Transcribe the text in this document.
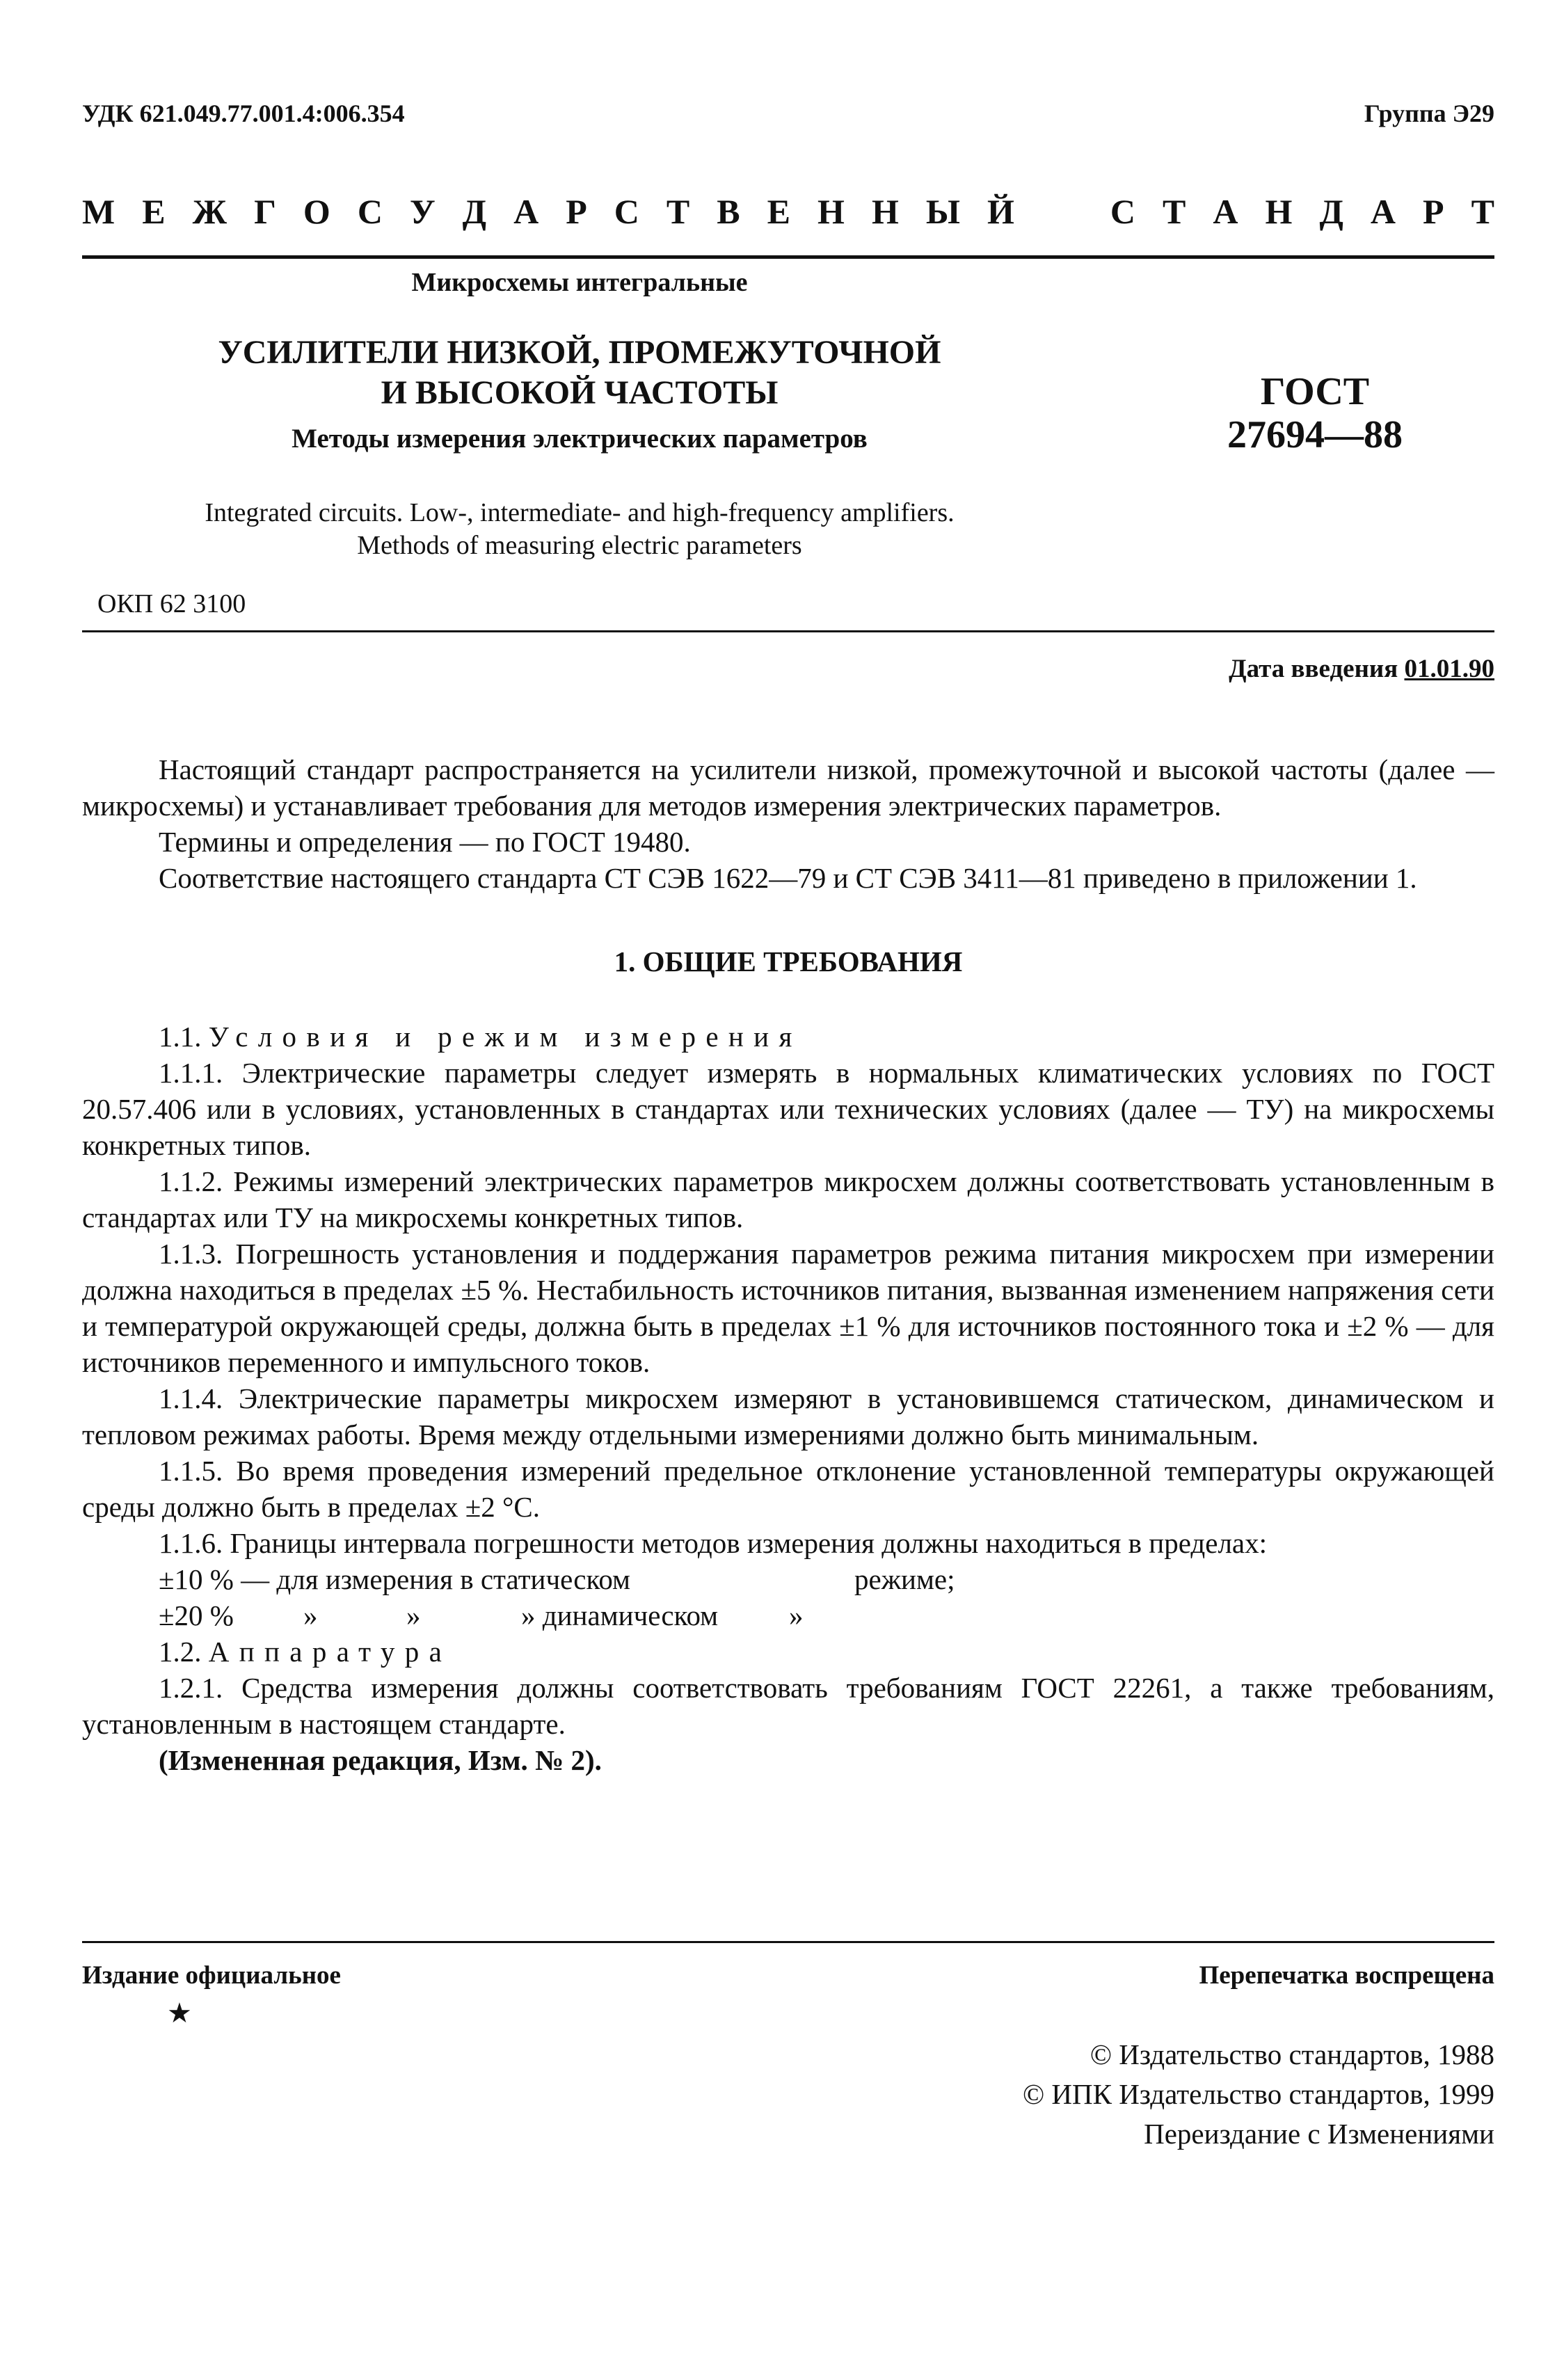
УДК 621.049.77.001.4:006.354	Группа Э29
М Е Ж Г О С У Д А Р С Т В Е Н Н Ы Й	С Т А Н Д А Р Т
Микросхемы интегральные
УСИЛИТЕЛИ НИЗКОЙ, ПРОМЕЖУТОЧНОЙ
И ВЫСОКОЙ ЧАСТОТЫ
Методы измерения электрических параметров
ГОСТ
27694—88
Integrated circuits. Low-, intermediate- and high-frequency amplifiers.
Methods of measuring electric parameters
ОКП 62 3100
Дата введения 01.01.90

Настоящий стандарт распространяется на усилители низкой, промежуточной и высокой частоты (далее — микросхемы) и устанавливает требования для методов измерения электрических параметров.

Термины и определения — по ГОСТ 19480.

Соответствие настоящего стандарта СТ СЭВ 1622—79 и СТ СЭВ 3411—81 приведено в приложении 1.

1. ОБЩИЕ ТРЕБОВАНИЯ

1.1. Условия и режим измерения

1.1.1. Электрические параметры следует измерять в нормальных климатических условиях по ГОСТ 20.57.406 или в условиях, установленных в стандартах или технических условиях (далее — ТУ) на микросхемы конкретных типов.

1.1.2. Режимы измерений электрических параметров микросхем должны соответствовать установленным в стандартах или ТУ на микросхемы конкретных типов.

1.1.3. Погрешность установления и поддержания параметров режима питания микросхем при измерении должна находиться в пределах ±5 %. Нестабильность источников питания, вызванная изменением напряжения сети и температурой окружающей среды, должна быть в пределах ±1 % для источников постоянного тока и ±2 % — для источников переменного и импульсного токов.

1.1.4. Электрические параметры микросхем измеряют в установившемся статическом, динамическом и тепловом режимах работы. Время между отдельными измерениями должно быть минимальным.

1.1.5. Во время проведения измерений предельное отклонение установленной температуры окружающей среды должно быть в пределах ±2 °С.

1.1.6. Границы интервала погрешности методов измерения должны находиться в пределах:

±10 % — для измерения в статическом	режиме;

±20 %	»	»	» динамическом	»

1.2. Аппаратура

1.2.1. Средства измерения должны соответствовать требованиям ГОСТ 22261, а также требованиям, установленным в настоящем стандарте.

(Измененная редакция, Изм. № 2).

Издание официальное	Перепечатка воспрещена
★
© Издательство стандартов, 1988
© ИПК Издательство стандартов, 1999
Переиздание с Изменениями
